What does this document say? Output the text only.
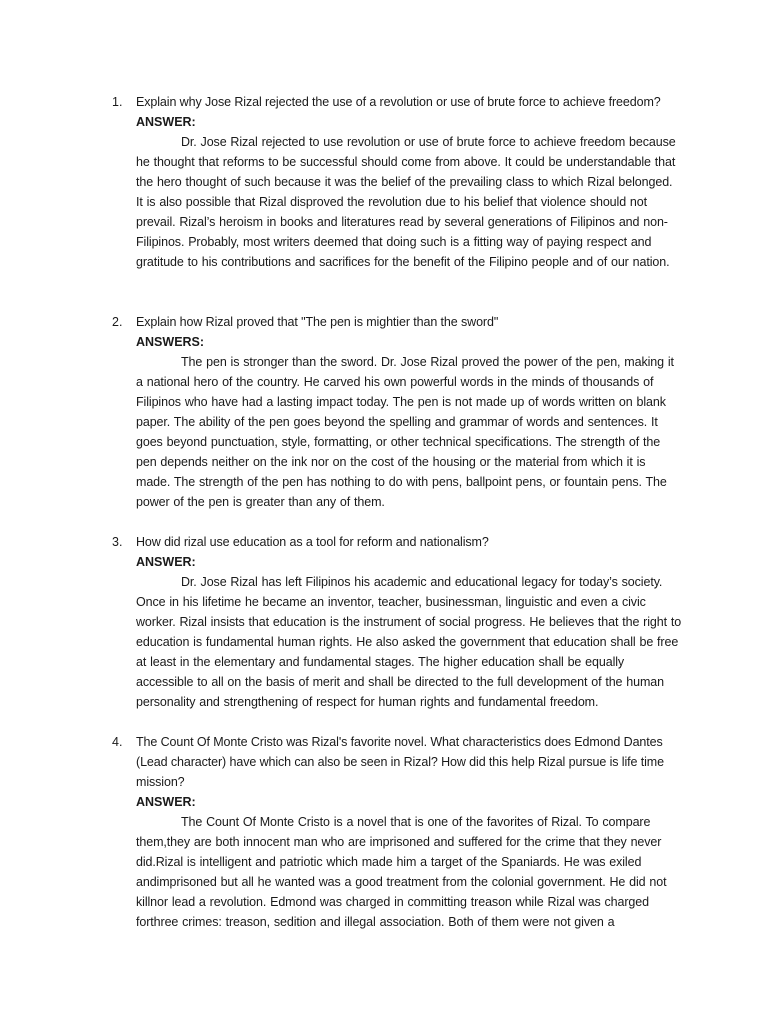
1. Explain why Jose Rizal rejected the use of a revolution or use of brute force to achieve freedom?
ANSWER:
Dr. Jose Rizal rejected to use revolution or use of brute force to achieve freedom because he thought that reforms to be successful should come from above. It could be understandable that the hero thought of such because it was the belief of the prevailing class to which Rizal belonged. It is also possible that Rizal disproved the revolution due to his belief that violence should not prevail. Rizal’s heroism in books and literatures read by several generations of Filipinos and non-Filipinos. Probably, most writers deemed that doing such is a fitting way of paying respect and gratitude to his contributions and sacrifices for the benefit of the Filipino people and of our nation.
2. Explain how Rizal proved that "The pen is mightier than the sword"
ANSWERS:
The pen is stronger than the sword. Dr. Jose Rizal proved the power of the pen, making it a national hero of the country. He carved his own powerful words in the minds of thousands of Filipinos who have had a lasting impact today. The pen is not made up of words written on blank paper. The ability of the pen goes beyond the spelling and grammar of words and sentences. It goes beyond punctuation, style, formatting, or other technical specifications. The strength of the pen depends neither on the ink nor on the cost of the housing or the material from which it is made. The strength of the pen has nothing to do with pens, ballpoint pens, or fountain pens. The power of the pen is greater than any of them.
3. How did rizal use education as a tool for reform and nationalism?
ANSWER:
Dr. Jose Rizal has left Filipinos his academic and educational legacy for today’s society. Once in his lifetime he became an inventor, teacher, businessman, linguistic and even a civic worker. Rizal insists that education is the instrument of social progress. He believes that the right to education is fundamental human rights. He also asked the government that education shall be free at least in the elementary and fundamental stages. The higher education shall be equally accessible to all on the basis of merit and shall be directed to the full development of the human personality and strengthening of respect for human rights and fundamental freedom.
4. The Count Of Monte Cristo was Rizal's favorite novel. What characteristics does Edmond Dantes (Lead character) have which can also be seen in Rizal? How did this help Rizal pursue is life time mission?
ANSWER:
The Count Of Monte Cristo is a novel that is one of the favorites of Rizal. To compare them,they are both innocent man who are imprisoned and suffered for the crime that they never did.Rizal is intelligent and patriotic which made him a target of the Spaniards. He was exiled andimprisoned but all he wanted was a good treatment from the colonial government. He did not killnor lead a revolution. Edmond was charged in committing treason while Rizal was charged forthree crimes: treason, sedition and illegal association. Both of them were not given a
